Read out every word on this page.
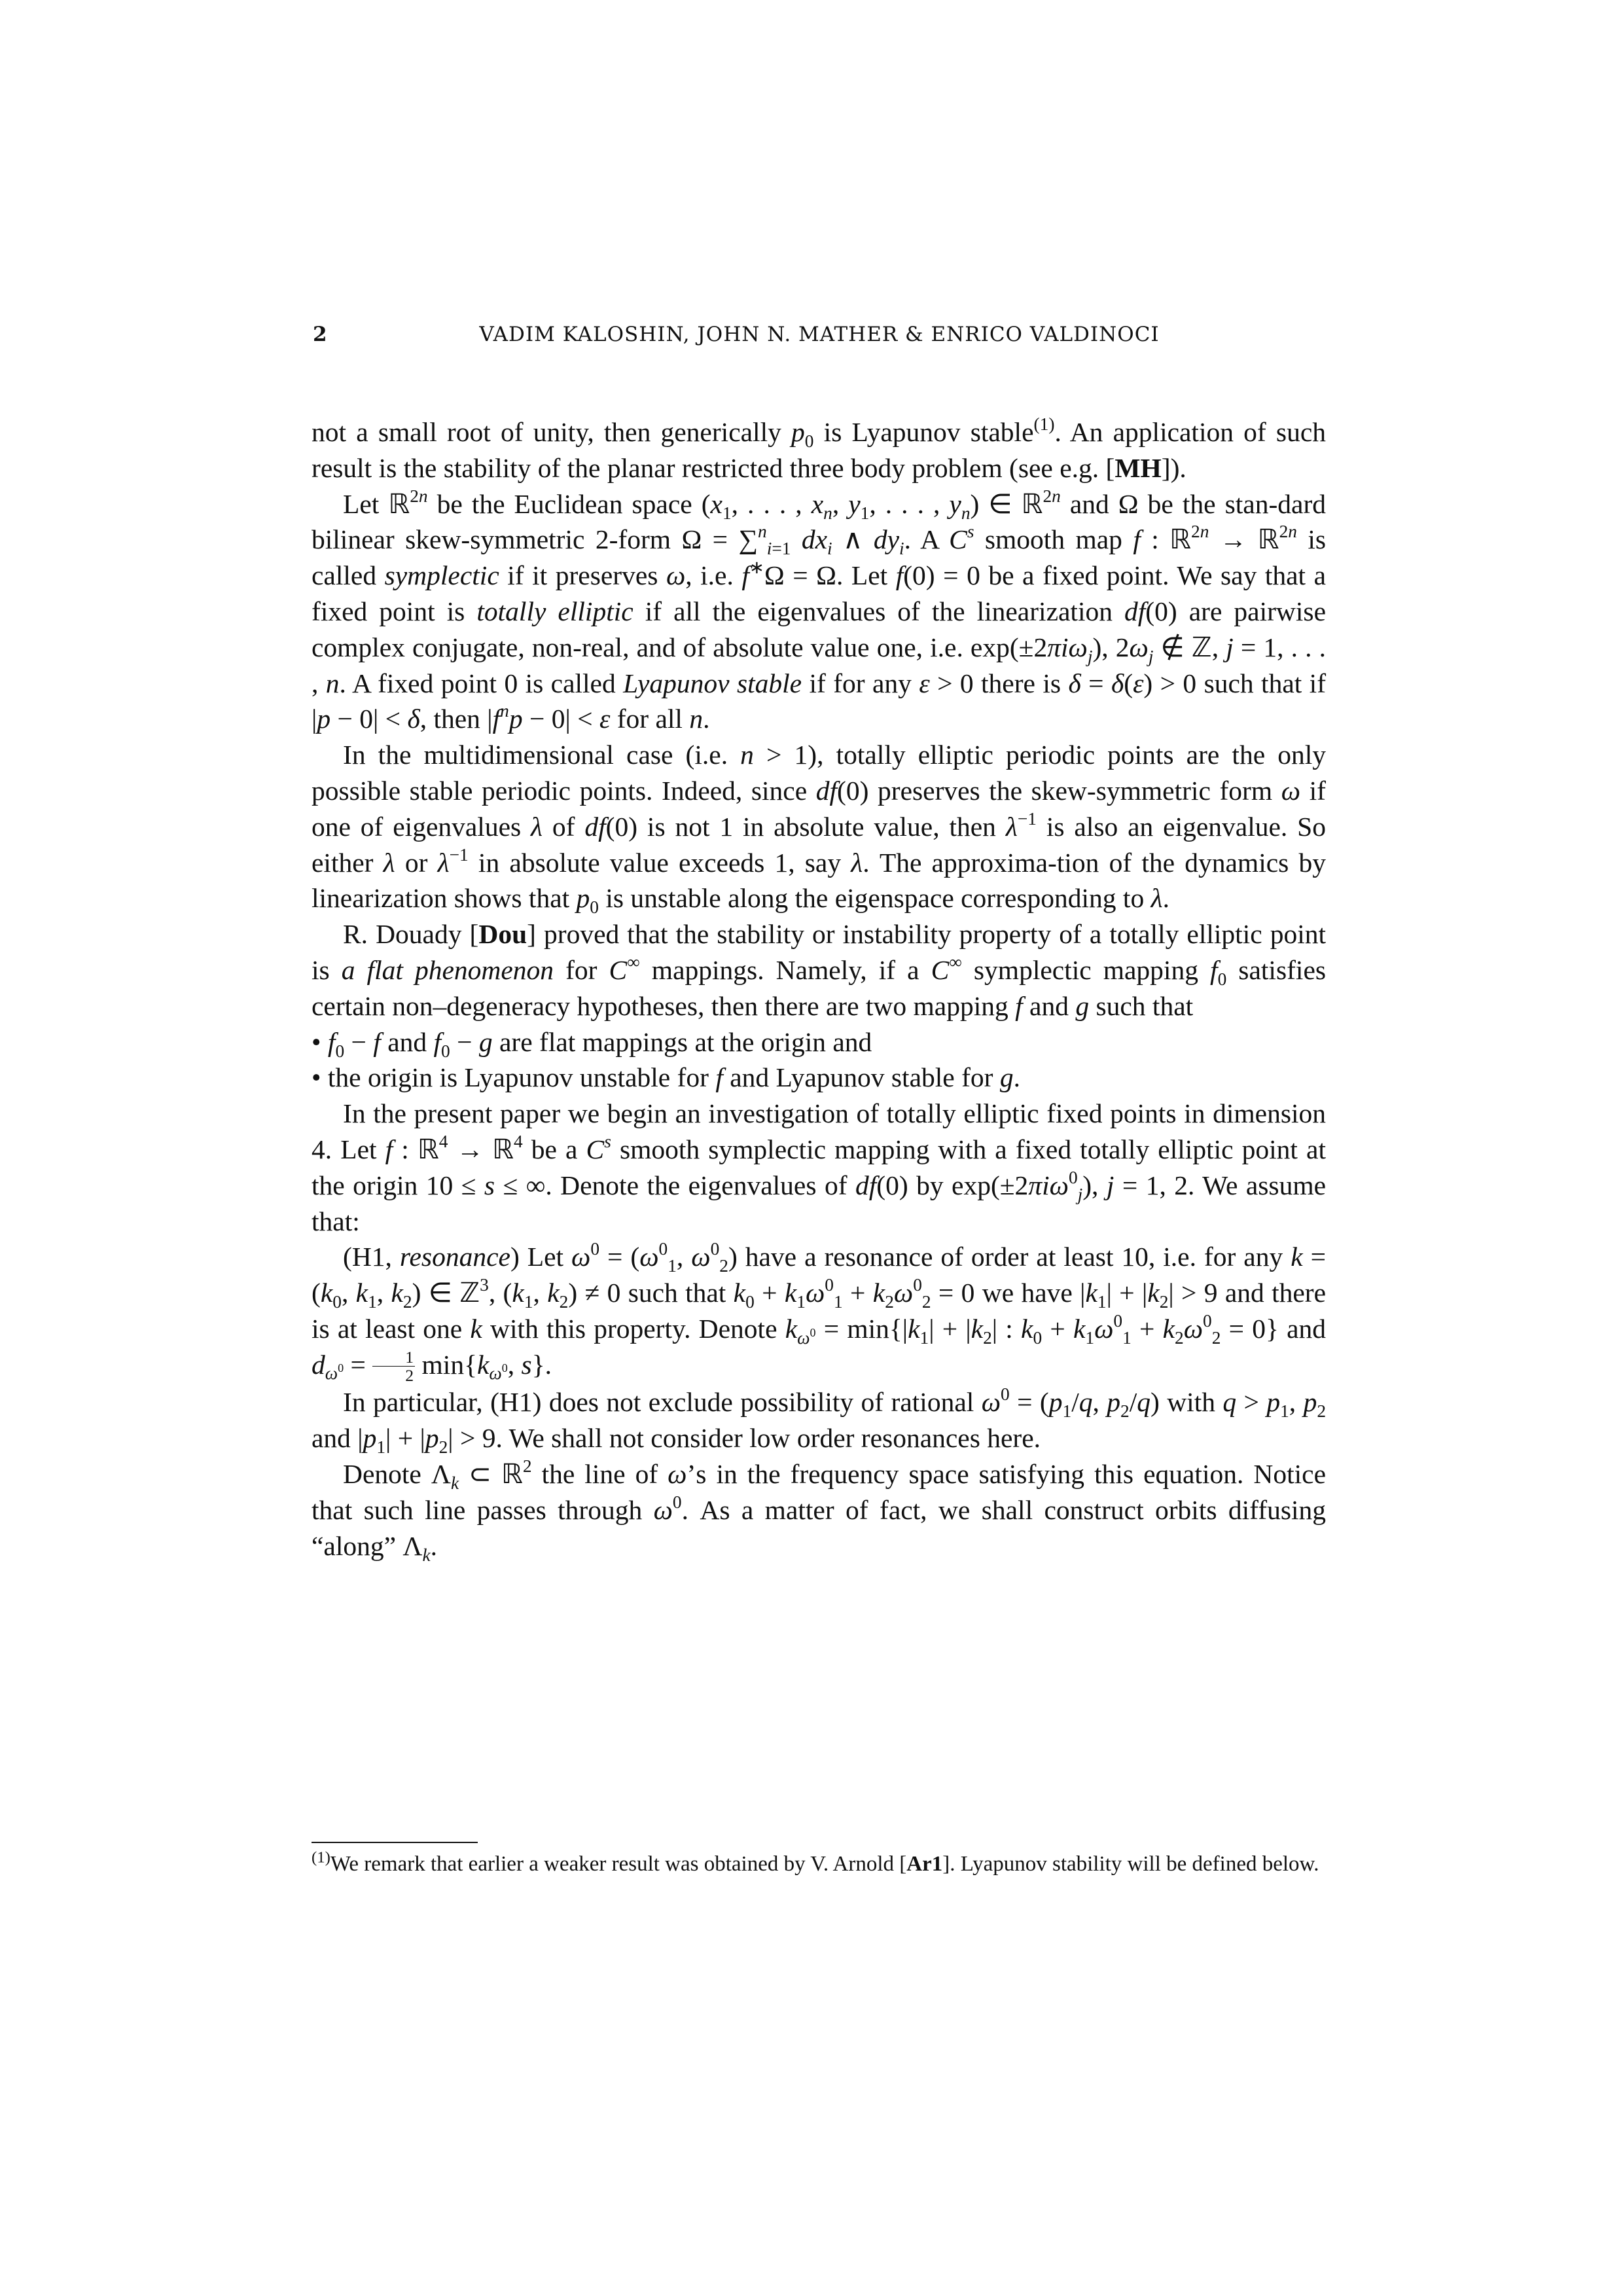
2	VADIM KALOSHIN, JOHN N. MATHER & ENRICO VALDINOCI

not a small root of unity, then generically $p_0$ is Lyapunov stable$^{(1)}$. An application of such result is the stability of the planar restricted three body problem (see e.g. [MH]).

Let ℝ$^{2n}$ be the Euclidean space ($x_1$, . . . , $x_n$, $y_1$, . . . , $y_n$) ∈ ℝ$^{2n}$ and Ω be the stan-dard bilinear skew-symmetric 2-form Ω = ∑$^n_{i=1}$ $dx_i$ ∧ $dy_i$. A $C^s$ smooth map f : ℝ$^{2n}$ → ℝ$^{2n}$ is called symplectic if it preserves ω, i.e. f∗Ω = Ω. Let f(0) = 0 be a fixed point. We say that a fixed point is totally elliptic if all the eigenvalues of the linearization df(0) are pairwise complex conjugate, non-real, and of absolute value one, i.e. exp(±2πiω$_j$), $2\omega_j$ ∉ ℤ, j = 1, . . . , n. A fixed point 0 is called Lyapunov stable if for any ε > 0 there is δ = δ(ε) > 0 such that if |p − 0| < δ, then $|f^np - 0| < \varepsilon$ for all n.

In the multidimensional case (i.e. n > 1), totally elliptic periodic points are the only possible stable periodic points. Indeed, since df(0) preserves the skew-symmetric form ω if one of eigenvalues λ of df(0) is not 1 in absolute value, then $\lambda^{-1}$ is also an eigenvalue. So either λ or $\lambda^{-1}$ in absolute value exceeds 1, say λ. The approxima-tion of the dynamics by linearization shows that $p_0$ is unstable along the eigenspace corresponding to λ.

R. Douady [Dou] proved that the stability or instability property of a totally elliptic point is a flat phenomenon for C∞ mappings. Namely, if a C∞ symplectic mapping $f_0$ satisfies certain non–degeneracy hypotheses, then there are two mapping f and g such that

• $f_0 - f$ and $f_0 - g$ are flat mappings at the origin and

• the origin is Lyapunov unstable for f and Lyapunov stable for g.

In the present paper we begin an investigation of totally elliptic fixed points in dimension 4. Let f : ℝ$^4$ → ℝ$^4$ be a $C^s$ smooth symplectic mapping with a fixed totally elliptic point at the origin 10 ≤ s ≤ ∞. Denote the eigenvalues of df(0) by exp(±2πiω$^0_j$), j = 1, 2. We assume that:

(H1, resonance) Let $\omega^0 = (\omega^0_1$, $\omega^0_2$) have a resonance of order at least 10, i.e. for any $k = (k_0$, $k_1$, $k_2$) ∈ ℤ$^3$, ($k_1$, $k_2) \ne 0$ such that $k_0 + k_1\omega^0_1 + k_2\omega^0_2 = 0$ we have $|k_1| + |k_2| > 9$ and there is at least one k with this property. Denote $k_{\omega^0} = \min\{|k_1| + |k_2|$ : $k_0 + k_1\omega^0_1 + k_2\omega^0_2 = 0$} and $d_{\omega^0} = \frac{1}{2} \min\{k_{\omega^0}$, s}.

In particular, (H1) does not exclude possibility of rational $\omega^0 = (p_1/q$, $p_2/q$) with $q > p_1$, $p_2$ and $|p_1| + |p_2| > 9$. We shall not consider low order resonances here.

Denote $\Lambda_k$ ⊂ ℝ$^2$ the line of ω’s in the frequency space satisfying this equation. Notice that such line passes through $\omega^0$. As a matter of fact, we shall construct orbits diffusing “along” $\Lambda_k$.

$^{(1)}$We remark that earlier a weaker result was obtained by V. Arnold [Ar1]. Lyapunov stability will be defined below.
